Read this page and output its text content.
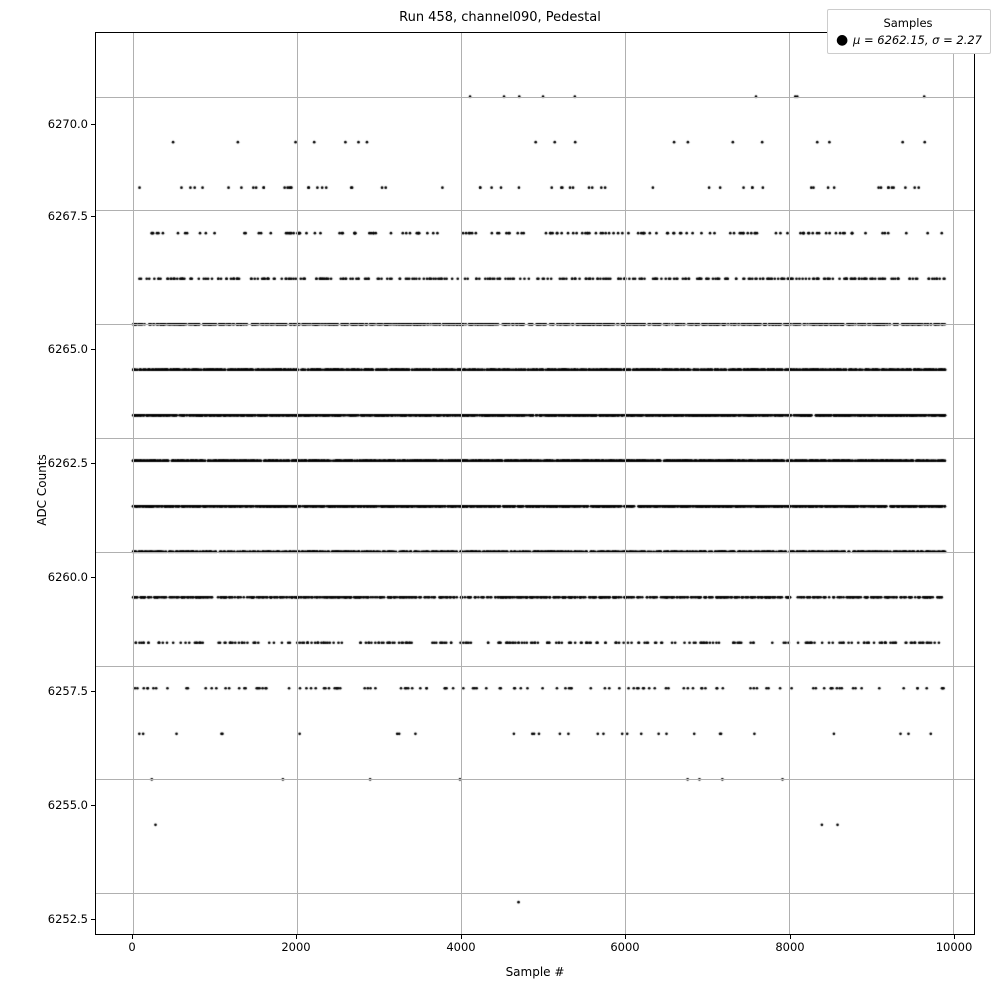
Run 458, channel090, Pedestal
6270.0
6267.5
6265.0
6262.5
6260.0
6257.5
6255.0
6252.5
0	2000	4000	6000	8000	10000
Sample #
ADC Counts
Samples
● μ = 6262.15, σ = 2.27
